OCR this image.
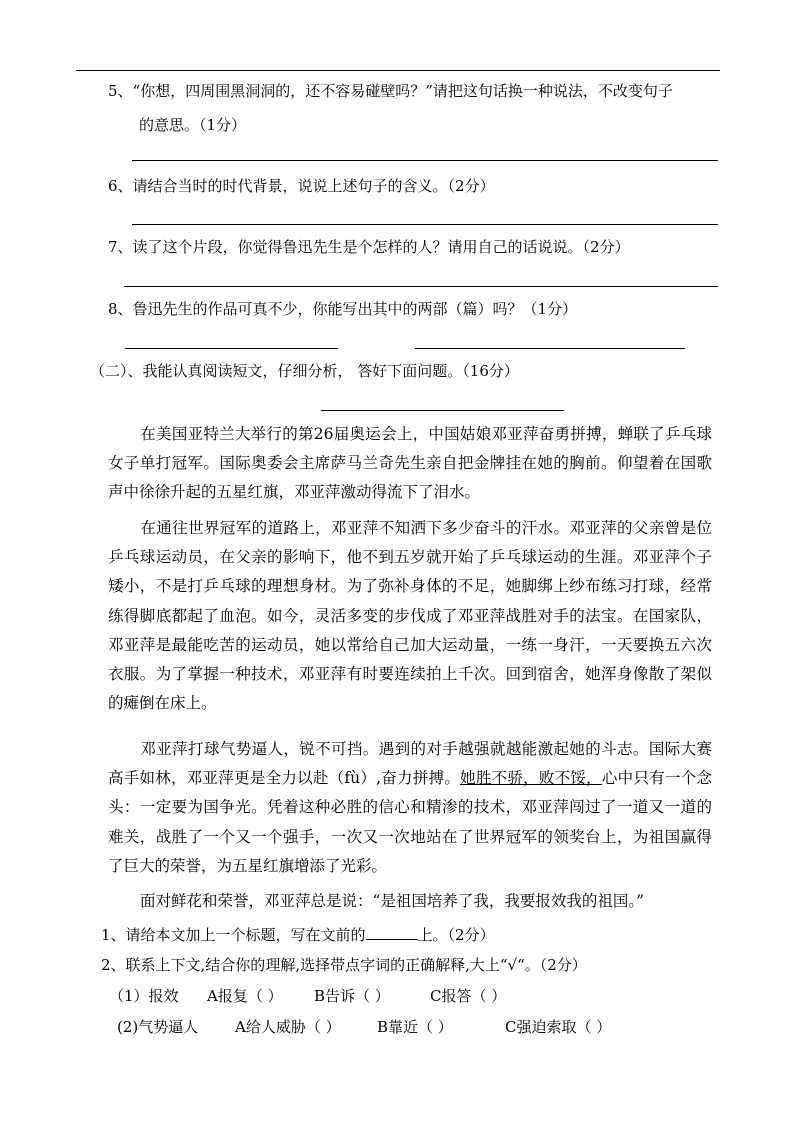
5、“你想，四周围黑洞洞的，还不容易碰壁吗？”请把这句话换一种说法，不改变句子
的意思。（1分）
6、请结合当时的时代背景，说说上述句子的含义。（2分）
7、读了这个片段，你觉得鲁迅先生是个怎样的人？请用自己的话说说。（2分）
8、鲁迅先生的作品可真不少，你能写出其中的两部（篇）吗？（1分）
（二）、我能认真阅读短文，仔细分析， 答好下面问题。（16分）
在美国亚特兰大举行的第26届奥运会上，中国姑娘邓亚萍奋勇拼搏，蝉联了乒乓球女子单打冠军。国际奥委会主席萨马兰奇先生亲自把金牌挂在她的胸前。仰望着在国歌声中徐徐升起的五星红旗，邓亚萍激动得流下了泪水。
在通往世界冠军的道路上，邓亚萍不知洒下多少奋斗的汗水。邓亚萍的父亲曾是位乒乓球运动员，在父亲的影响下，他不到五岁就开始了乒乓球运动的生涯。邓亚萍个子矮小，不是打乒乓球的理想身材。为了弥补身体的不足，她脚绑上纱布练习打球，经常练得脚底都起了血泡。如今，灵活多变的步伐成了邓亚萍战胜对手的法宝。在国家队，邓亚萍是最能吃苦的运动员，她以常给自己加大运动量，一练一身汗，一天要换五六次衣服。为了掌握一种技术，邓亚萍有时要连续拍上千次。回到宿舍，她浑身像散了架似的瘫倒在床上。
邓亚萍打球气势逼人，锐不可挡。遇到的对手越强就越能激起她的斗志。国际大赛高手如林，邓亚萍更是全力以赴（fù）,奋力拼搏。她胜不骄，败不馁，心中只有一个念头：一定要为国争光。凭着这种必胜的信心和精渗的技术，邓亚萍闯过了一道又一道的难关，战胜了一个又一个强手，一次又一次地站在了世界冠军的领奖台上，为祖国赢得了巨大的荣誉，为五星红旗增添了光彩。
面对鲜花和荣誉，邓亚萍总是说：“是祖国培养了我，我要报效我的祖国。”
1、请给本文加上一个标题，写在文前的	上。（2分）
2、联系上下文,结合你的理解,选择带点字词的正确解释,大上“√“。（2分）
（1）报效 A报复（ ） B告诉（ ）	C报答（ ）
(2)气势逼人 A给人威胁（ ） B靠近（ ）	C强迫索取（ ）
